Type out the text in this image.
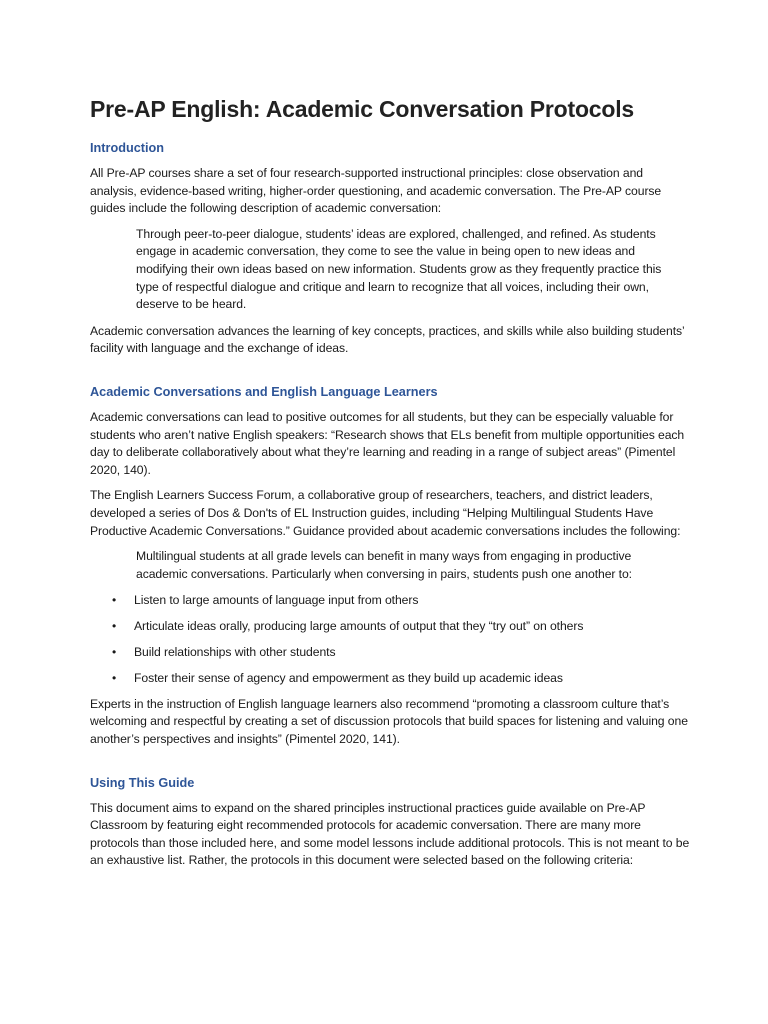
Pre-AP English: Academic Conversation Protocols
Introduction

All Pre-AP courses share a set of four research-supported instructional principles: close observation and analysis, evidence-based writing, higher-order questioning, and academic conversation. The Pre-AP course guides include the following description of academic conversation:

Through peer-to-peer dialogue, students’ ideas are explored, challenged, and refined. As students engage in academic conversation, they come to see the value in being open to new ideas and modifying their own ideas based on new information. Students grow as they frequently practice this type of respectful dialogue and critique and learn to recognize that all voices, including their own, deserve to be heard.

Academic conversation advances the learning of key concepts, practices, and skills while also building students’ facility with language and the exchange of ideas.

Academic Conversations and English Language Learners

Academic conversations can lead to positive outcomes for all students, but they can be especially valuable for students who aren’t native English speakers: “Research shows that ELs benefit from multiple opportunities each day to deliberate collaboratively about what they’re learning and reading in a range of subject areas” (Pimentel 2020, 140).

The English Learners Success Forum, a collaborative group of researchers, teachers, and district leaders, developed a series of Dos & Don'ts of EL Instruction guides, including “Helping Multilingual Students Have Productive Academic Conversations.” Guidance provided about academic conversations includes the following:

Multilingual students at all grade levels can benefit in many ways from engaging in productive academic conversations. Particularly when conversing in pairs, students push one another to:

• Listen to large amounts of language input from others
• Articulate ideas orally, producing large amounts of output that they “try out” on others
• Build relationships with other students
• Foster their sense of agency and empowerment as they build up academic ideas

Experts in the instruction of English language learners also recommend “promoting a classroom culture that’s welcoming and respectful by creating a set of discussion protocols that build spaces for listening and valuing one another’s perspectives and insights” (Pimentel 2020, 141).

Using This Guide

This document aims to expand on the shared principles instructional practices guide available on Pre-AP Classroom by featuring eight recommended protocols for academic conversation. There are many more protocols than those included here, and some model lessons include additional protocols. This is not meant to be an exhaustive list. Rather, the protocols in this document were selected based on the following criteria:
